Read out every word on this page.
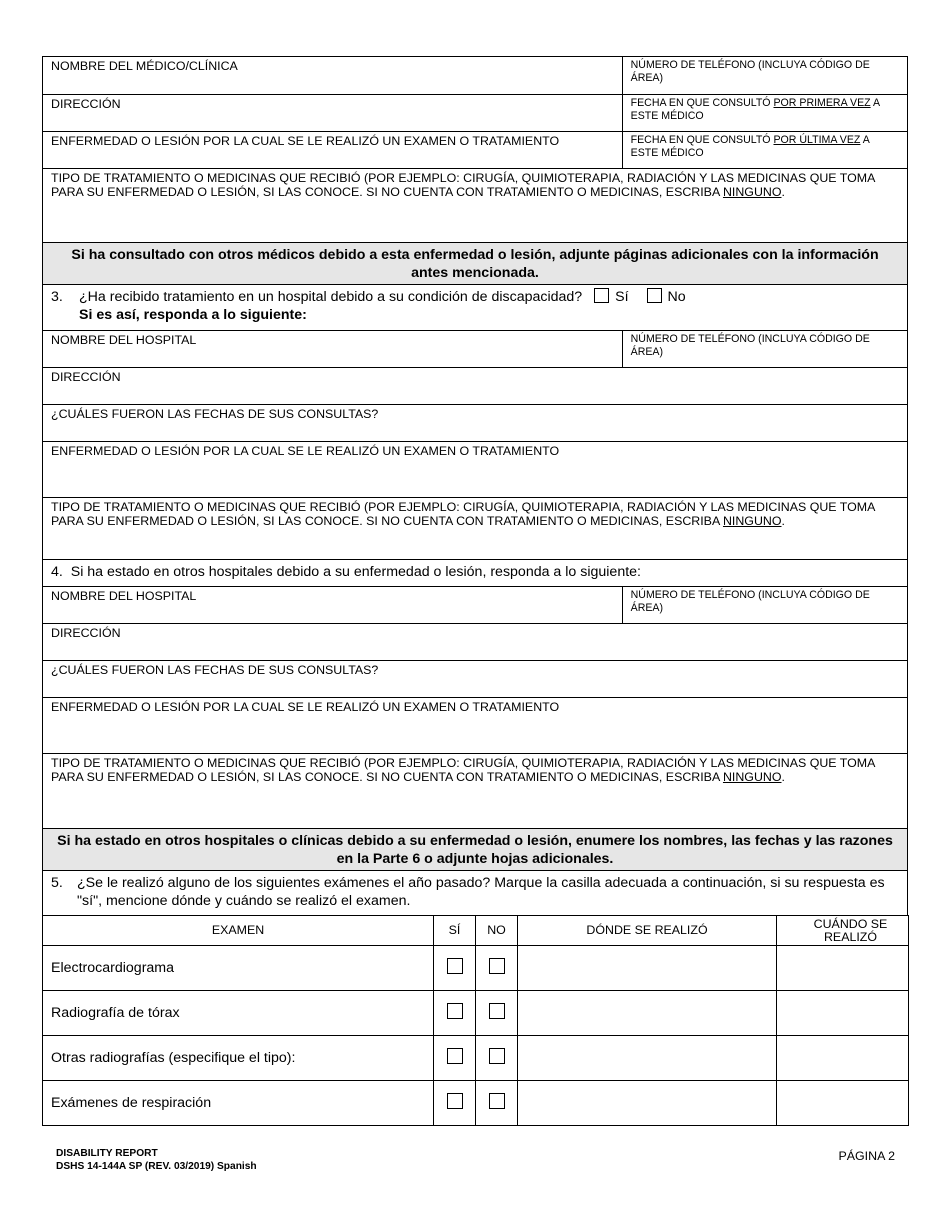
NOMBRE DEL MÉDICO/CLÍNICA	NÚMERO DE TELÉFONO (INCLUYA CÓDIGO DE ÁREA)
DIRECCIÓN	FECHA EN QUE CONSULTÓ POR PRIMERA VEZ A ESTE MÉDICO
ENFERMEDAD O LESIÓN POR LA CUAL SE LE REALIZÓ UN EXAMEN O TRATAMIENTO	FECHA EN QUE CONSULTÓ POR ÚLTIMA VEZ A ESTE MÉDICO
TIPO DE TRATAMIENTO O MEDICINAS QUE RECIBIÓ (POR EJEMPLO: CIRUGÍA, QUIMIOTERAPIA, RADIACIÓN Y LAS MEDICINAS QUE TOMA PARA SU ENFERMEDAD O LESIÓN, SI LAS CONOCE. SI NO CUENTA CON TRATAMIENTO O MEDICINAS, ESCRIBA NINGUNO.
Si ha consultado con otros médicos debido a esta enfermedad o lesión, adjunte páginas adicionales con la información antes mencionada.
3. ¿Ha recibido tratamiento en un hospital debido a su condición de discapacidad? Sí	No
Si es así, responda a lo siguiente:
NOMBRE DEL HOSPITAL	NÚMERO DE TELÉFONO (INCLUYA CÓDIGO DE ÁREA)
DIRECCIÓN
¿CUÁLES FUERON LAS FECHAS DE SUS CONSULTAS?
ENFERMEDAD O LESIÓN POR LA CUAL SE LE REALIZÓ UN EXAMEN O TRATAMIENTO
TIPO DE TRATAMIENTO O MEDICINAS QUE RECIBIÓ (POR EJEMPLO: CIRUGÍA, QUIMIOTERAPIA, RADIACIÓN Y LAS MEDICINAS QUE TOMA PARA SU ENFERMEDAD O LESIÓN, SI LAS CONOCE. SI NO CUENTA CON TRATAMIENTO O MEDICINAS, ESCRIBA NINGUNO.
4. Si ha estado en otros hospitales debido a su enfermedad o lesión, responda a lo siguiente:
NOMBRE DEL HOSPITAL	NÚMERO DE TELÉFONO (INCLUYA CÓDIGO DE ÁREA)
DIRECCIÓN
¿CUÁLES FUERON LAS FECHAS DE SUS CONSULTAS?
ENFERMEDAD O LESIÓN POR LA CUAL SE LE REALIZÓ UN EXAMEN O TRATAMIENTO
TIPO DE TRATAMIENTO O MEDICINAS QUE RECIBIÓ (POR EJEMPLO: CIRUGÍA, QUIMIOTERAPIA, RADIACIÓN Y LAS MEDICINAS QUE TOMA PARA SU ENFERMEDAD O LESIÓN, SI LAS CONOCE. SI NO CUENTA CON TRATAMIENTO O MEDICINAS, ESCRIBA NINGUNO.
Si ha estado en otros hospitales o clínicas debido a su enfermedad o lesión, enumere los nombres, las fechas y las razones en la Parte 6 o adjunte hojas adicionales.
5. ¿Se le realizó alguno de los siguientes exámenes el año pasado? Marque la casilla adecuada a continuación, si su respuesta es "sí", mencione dónde y cuándo se realizó el examen.
EXAMEN	SÍ	NO	DÓNDE SE REALIZÓ	CUÁNDO SE REALIZÓ
Electrocardiograma				
Radiografía de tórax				
Otras radiografías (especifique el tipo):				
Exámenes de respiración				
DISABILITY REPORT
DSHS 14-144A SP (REV. 03/2019) Spanish
PÁGINA 2
